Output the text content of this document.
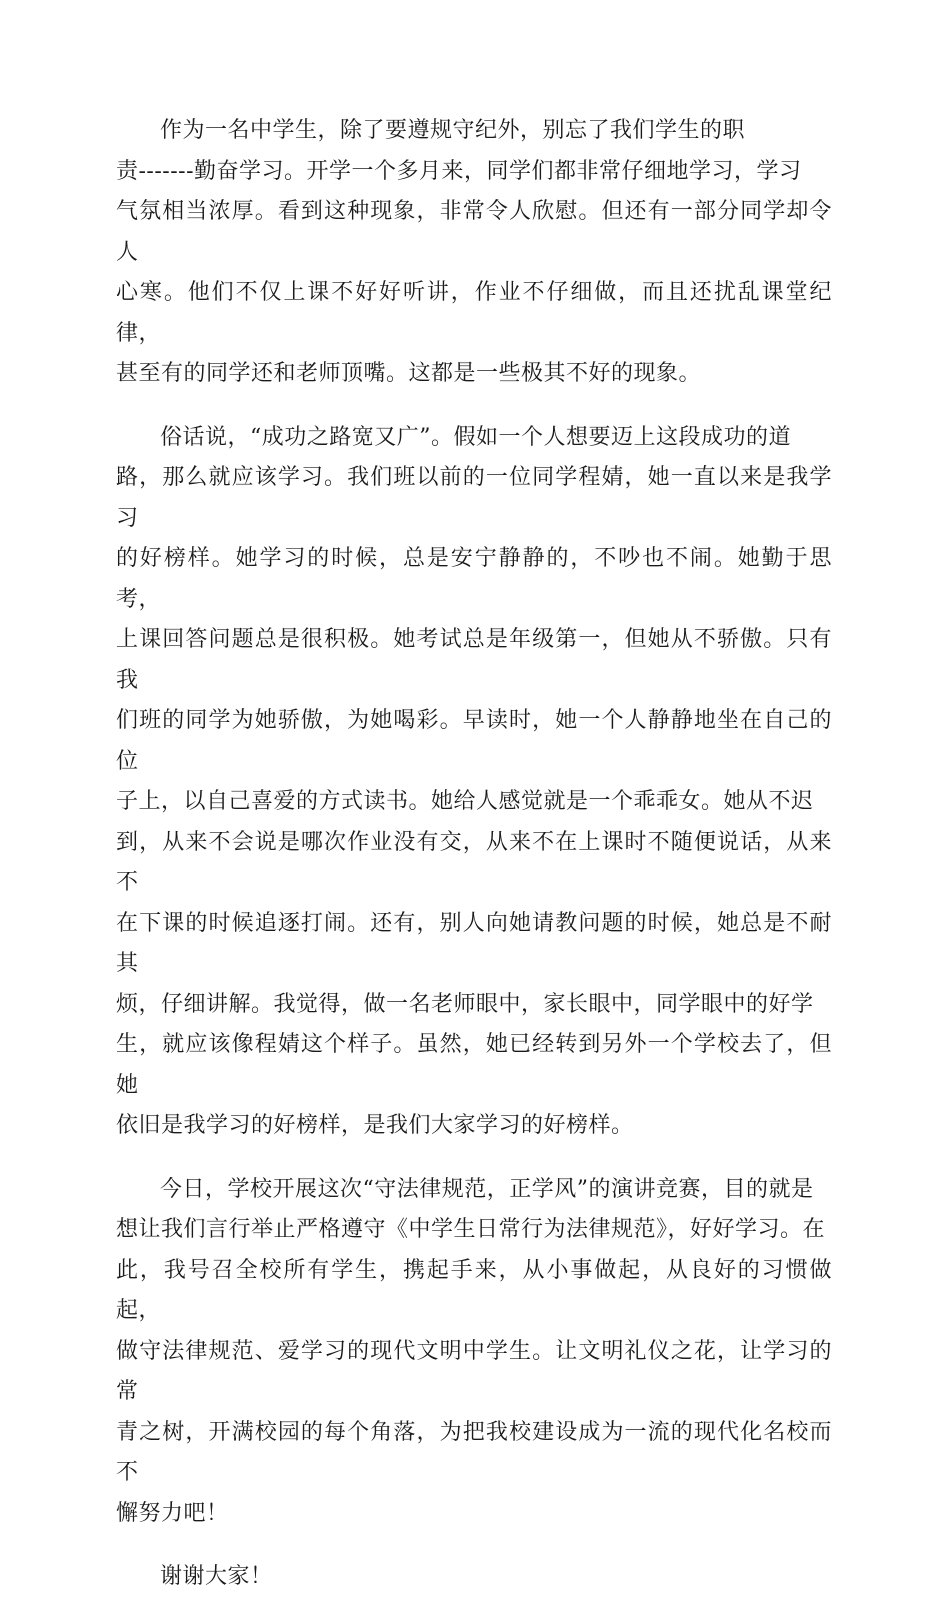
作为一名中学生，除了要遵规守纪外，别忘了我们学生的职
责-------勤奋学习。开学一个多月来，同学们都非常仔细地学习，学习
气氛相当浓厚。看到这种现象，非常令人欣慰。但还有一部分同学却令人
心寒。他们不仅上课不好好听讲，作业不仔细做，而且还扰乱课堂纪律，
甚至有的同学还和老师顶嘴。这都是一些极其不好的现象。

俗话说，“成功之路宽又广”。假如一个人想要迈上这段成功的道
路，那么就应该学习。我们班以前的一位同学程婧，她一直以来是我学习
的好榜样。她学习的时候，总是安宁静静的，不吵也不闹。她勤于思考，
上课回答问题总是很积极。她考试总是年级第一，但她从不骄傲。只有我
们班的同学为她骄傲，为她喝彩。早读时，她一个人静静地坐在自己的位
子上，以自己喜爱的方式读书。她给人感觉就是一个乖乖女。她从不迟
到，从来不会说是哪次作业没有交，从来不在上课时不随便说话，从来不
在下课的时候追逐打闹。还有，别人向她请教问题的时候，她总是不耐其
烦，仔细讲解。我觉得，做一名老师眼中，家长眼中，同学眼中的好学
生，就应该像程婧这个样子。虽然，她已经转到另外一个学校去了，但她
依旧是我学习的好榜样，是我们大家学习的好榜样。

今日，学校开展这次“守法律规范，正学风”的演讲竞赛，目的就是
想让我们言行举止严格遵守《中学生日常行为法律规范》，好好学习。在
此，我号召全校所有学生，携起手来，从小事做起，从良好的习惯做起，
做守法律规范、爱学习的现代文明中学生。让文明礼仪之花，让学习的常
青之树，开满校园的每个角落，为把我校建设成为一流的现代化名校而不
懈努力吧！

谢谢大家！
